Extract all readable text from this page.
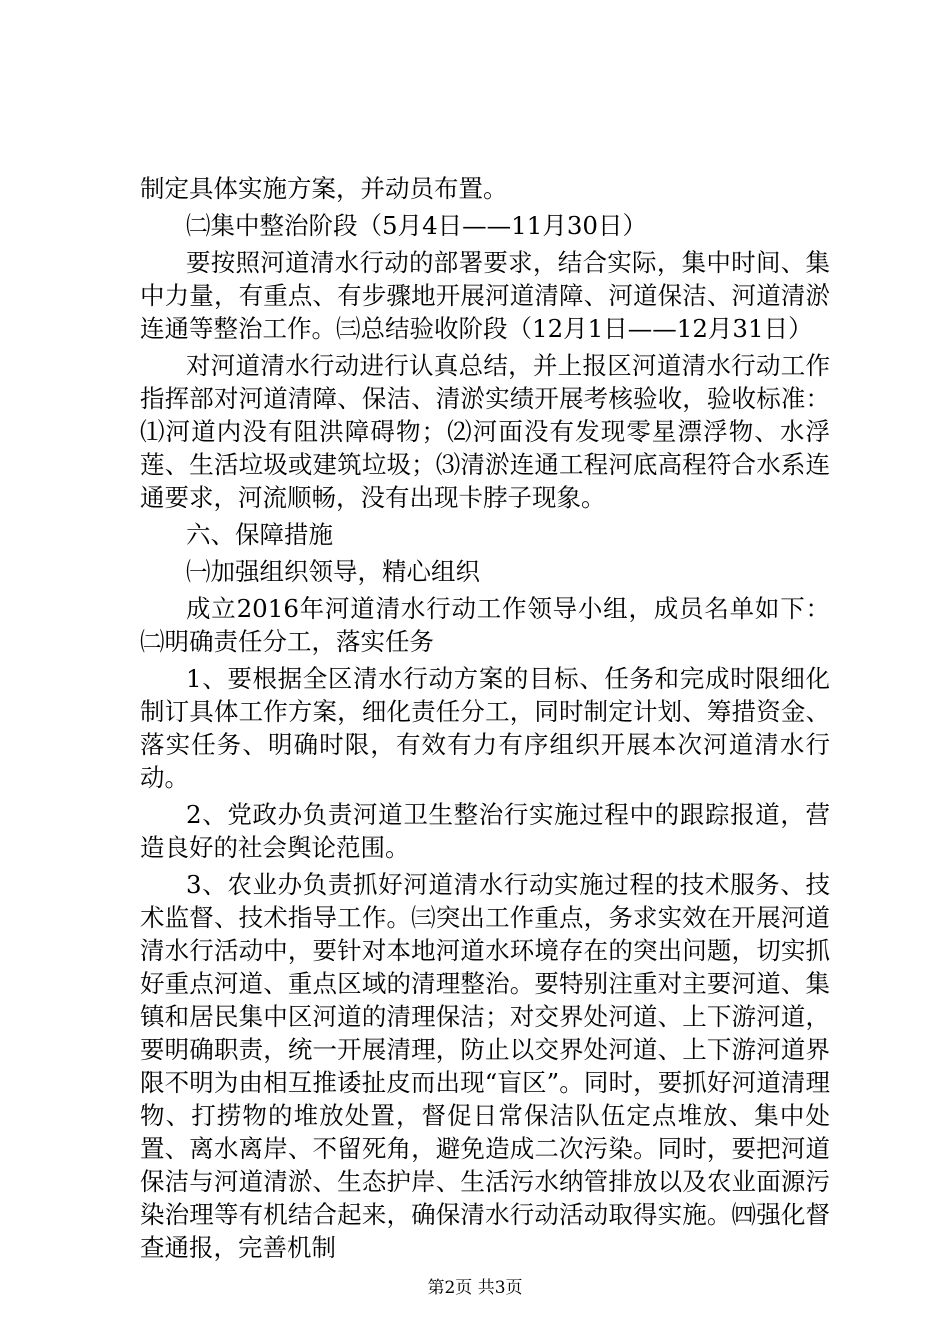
制定具体实施方案，并动员布置。

㈡集中整治阶段（5月4日——11月30日）

要按照河道清水行动的部署要求，结合实际，集中时间、集中力量，有重点、有步骤地开展河道清障、河道保洁、河道清淤连通等整治工作。㈢总结验收阶段（12月1日——12月31日）

对河道清水行动进行认真总结，并上报区河道清水行动工作指挥部对河道清障、保洁、清淤实绩开展考核验收，验收标准：⑴河道内没有阻洪障碍物；⑵河面没有发现零星漂浮物、水浮莲、生活垃圾或建筑垃圾；⑶清淤连通工程河底高程符合水系连通要求，河流顺畅，没有出现卡脖子现象。

六、保障措施

㈠加强组织领导，精心组织

成立2016年河道清水行动工作领导小组，成员名单如下：㈡明确责任分工，落实任务

1、要根据全区清水行动方案的目标、任务和完成时限细化制订具体工作方案，细化责任分工，同时制定计划、筹措资金、落实任务、明确时限，有效有力有序组织开展本次河道清水行动。

2、党政办负责河道卫生整治行实施过程中的跟踪报道，营造良好的社会舆论范围。

3、农业办负责抓好河道清水行动实施过程的技术服务、技术监督、技术指导工作。㈢突出工作重点，务求实效在开展河道清水行活动中，要针对本地河道水环境存在的突出问题，切实抓好重点河道、重点区域的清理整治。要特别注重对主要河道、集镇和居民集中区河道的清理保洁；对交界处河道、上下游河道，要明确职责，统一开展清理，防止以交界处河道、上下游河道界限不明为由相互推诿扯皮而出现“盲区”。同时，要抓好河道清理物、打捞物的堆放处置，督促日常保洁队伍定点堆放、集中处置、离水离岸、不留死角，避免造成二次污染。同时，要把河道保洁与河道清淤、生态护岸、生活污水纳管排放以及农业面源污染治理等有机结合起来，确保清水行动活动取得实施。㈣强化督查通报，完善机制

第2页 共3页
